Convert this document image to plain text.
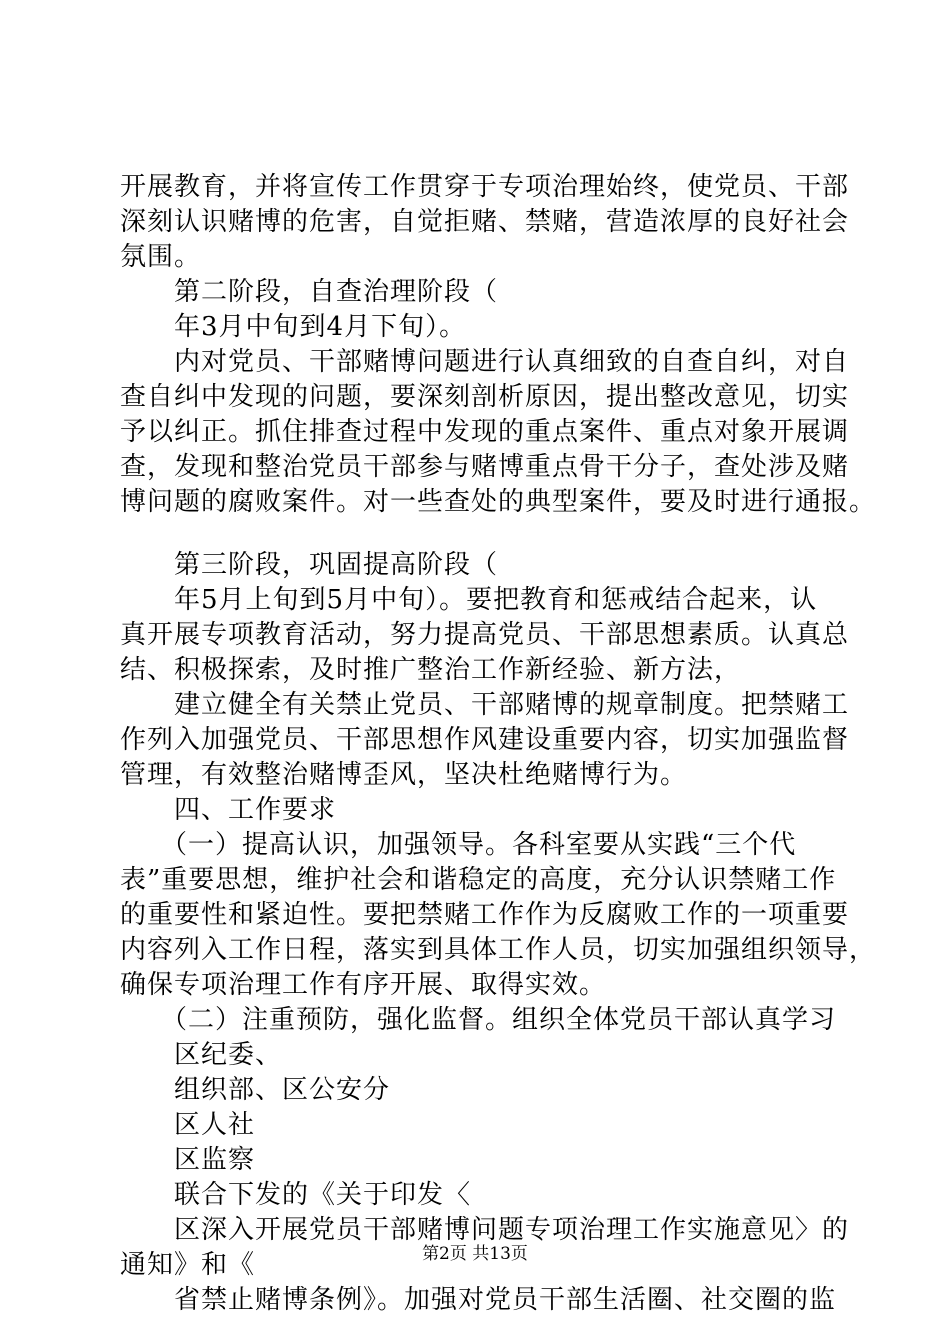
开展教育，并将宣传工作贯穿于专项治理始终，使党员、干部
深刻认识赌博的危害，自觉拒赌、禁赌，营造浓厚的良好社会
氛围。
　　第二阶段，自查治理阶段（
　　年3月中旬到4月下旬）。
　　内对党员、干部赌博问题进行认真细致的自查自纠，对自
查自纠中发现的问题，要深刻剖析原因，提出整改意见，切实
予以纠正。抓住排查过程中发现的重点案件、重点对象开展调
查，发现和整治党员干部参与赌博重点骨干分子，查处涉及赌
博问题的腐败案件。对一些查处的典型案件，要及时进行通报。
　　第三阶段，巩固提高阶段（
　　年5月上旬到5月中旬）。要把教育和惩戒结合起来，认
真开展专项教育活动，努力提高党员、干部思想素质。认真总
结、积极探索，及时推广整治工作新经验、新方法，
　　建立健全有关禁止党员、干部赌博的规章制度。把禁赌工
作列入加强党员、干部思想作风建设重要内容，切实加强监督
管理，有效整治赌博歪风，坚决杜绝赌博行为。
　　四、工作要求
　　（一）提高认识，加强领导。各科室要从实践“三个代
表”重要思想，维护社会和谐稳定的高度，充分认识禁赌工作
的重要性和紧迫性。要把禁赌工作作为反腐败工作的一项重要
内容列入工作日程，落实到具体工作人员，切实加强组织领导，
确保专项治理工作有序开展、取得实效。
　　（二）注重预防，强化监督。组织全体党员干部认真学习
　　区纪委、
　　组织部、区公安分
　　区人社
　　区监察
　　联合下发的《关于印发〈
　　区深入开展党员干部赌博问题专项治理工作实施意见〉的
通知》和《
　　省禁止赌博条例》。加强对党员干部生活圈、社交圈的监
第2页 共13页
